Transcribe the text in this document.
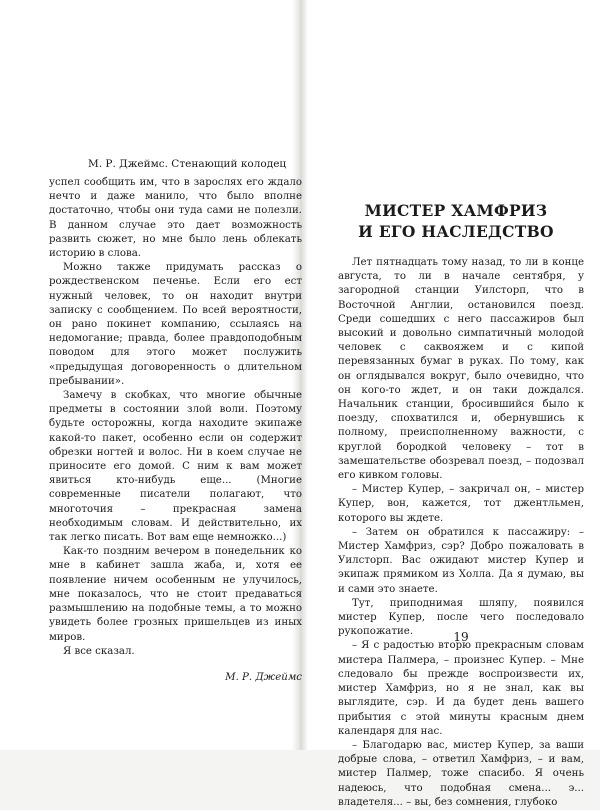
М. Р. Джеймс. Стенающий колодец

успел сообщить им, что в зарослях его ждало нечто и даже манило, что было вполне достаточно, чтобы они туда сами не полезли. В данном случае это дает возможность развить сюжет, но мне было лень облекать историю в слова.

Можно также придумать рассказ о рождественском печенье. Если его ест нужный человек, то он находит внутри записку с сообщением. По всей вероятности, он рано покинет компанию, ссылаясь на недомогание; правда, более правдоподобным поводом для этого может послужить «предыдущая договоренность о длительном пребывании».

Замечу в скобках, что многие обычные предметы в состоянии злой воли. Поэтому будьте осторожны, когда находите экипаже какой-то пакет, особенно если он содержит обрезки ногтей и волос. Ни в коем случае не приносите его домой. С ним к вам может явиться кто-нибудь еще... (Многие современные писатели полагают, что многоточия – прекрасная замена необходимым словам. И действительно, их так легко писать. Вот вам еще немножко...)

Как-то поздним вечером в понедельник ко мне в кабинет зашла жаба, и, хотя ее появление ничем особенным не улучилось, мне показалось, что не стоит предаваться размышлению на подобные темы, а то можно увидеть более грозных пришельцев из иных миров.

Я все сказал.

М. Р. Джеймс

МИСТЕР ХАМФРИЗ
И ЕГО НАСЛЕДСТВО

Лет пятнадцать тому назад, то ли в конце августа, то ли в начале сентября, у загородной станции Уилсторп, что в Восточной Англии, остановился поезд. Среди сошедших с него пассажиров был высокий и довольно симпатичный молодой человек с саквояжем и с кипой перевязанных бумаг в руках. По тому, как он оглядывался вокруг, было очевидно, что он кого-то ждет, и он таки дождался. Начальник станции, бросившийся было к поезду, спохватился и, обернувшись к полному, преисполненному важности, с круглой бородкой человеку – тот в замешательстве обозревал поезд, – подозвал его кивком головы.

– Мистер Купер, – закричал он, – мистер Купер, вон, кажется, тот джентльмен, которого вы ждете.

– Затем он обратился к пассажиру: – Мистер Хамфриз, сэр? Добро пожаловать в Уилсторп. Вас ожидают мистер Купер и экипаж прямиком из Холла. Да я думаю, вы и сами это знаете.

Тут, приподнимая шляпу, появился мистер Купер, после чего последовало рукопожатие.

– Я с радостью вторю прекрасным словам мистера Палмера, – произнес Купер. – Мне следовало бы прежде воспроизвести их, мистер Хамфриз, но я не знал, как вы выглядите, сэр. И да будет день вашего прибытия с этой минуты красным днем календаря для нас.

– Благодарю вас, мистер Купер, за ваши добрые слова, – ответил Хамфриз, – и вам, мистер Палмер, тоже спасибо. Я очень надеюсь, что подобная смена... э... владетеля... – вы, без сомнения, глубоко

19
